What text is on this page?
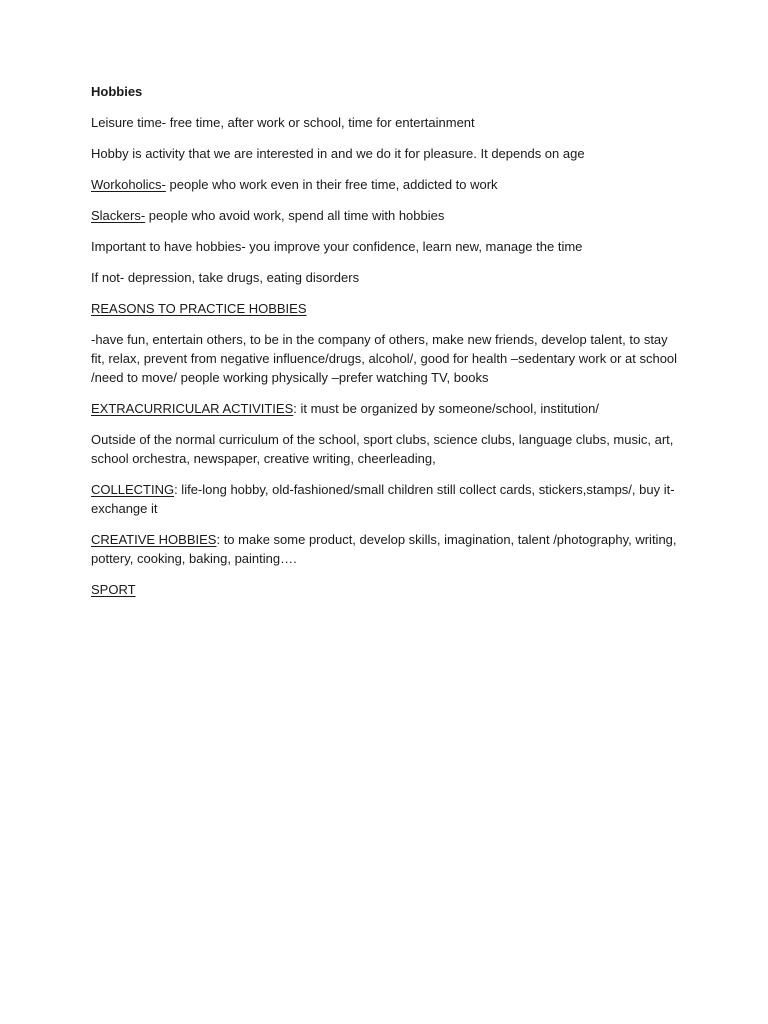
Hobbies

Leisure time- free time, after work or school, time for entertainment

Hobby is activity that we are interested in and we do it for pleasure. It depends on age

Workoholics- people who work even in their free time, addicted to work

Slackers- people who avoid work, spend all time with hobbies

Important to have hobbies- you improve your confidence, learn new, manage the time

If not- depression, take drugs, eating disorders

REASONS TO PRACTICE HOBBIES

-have fun, entertain others, to be in the company of others, make new friends, develop talent, to stay fit, relax, prevent from negative influence/drugs, alcohol/, good for health –sedentary work or at school /need to move/ people working physically –prefer watching TV, books

EXTRACURRICULAR ACTIVITIES: it must be organized by someone/school, institution/

Outside of the normal curriculum of the school, sport clubs, science clubs, language clubs, music, art, school orchestra, newspaper, creative writing, cheerleading,

COLLECTING: life-long hobby, old-fashioned/small children still collect cards, stickers,stamps/, buy it- exchange it

CREATIVE HOBBIES: to make some product, develop skills, imagination, talent /photography, writing, pottery, cooking, baking, painting….

SPORT
